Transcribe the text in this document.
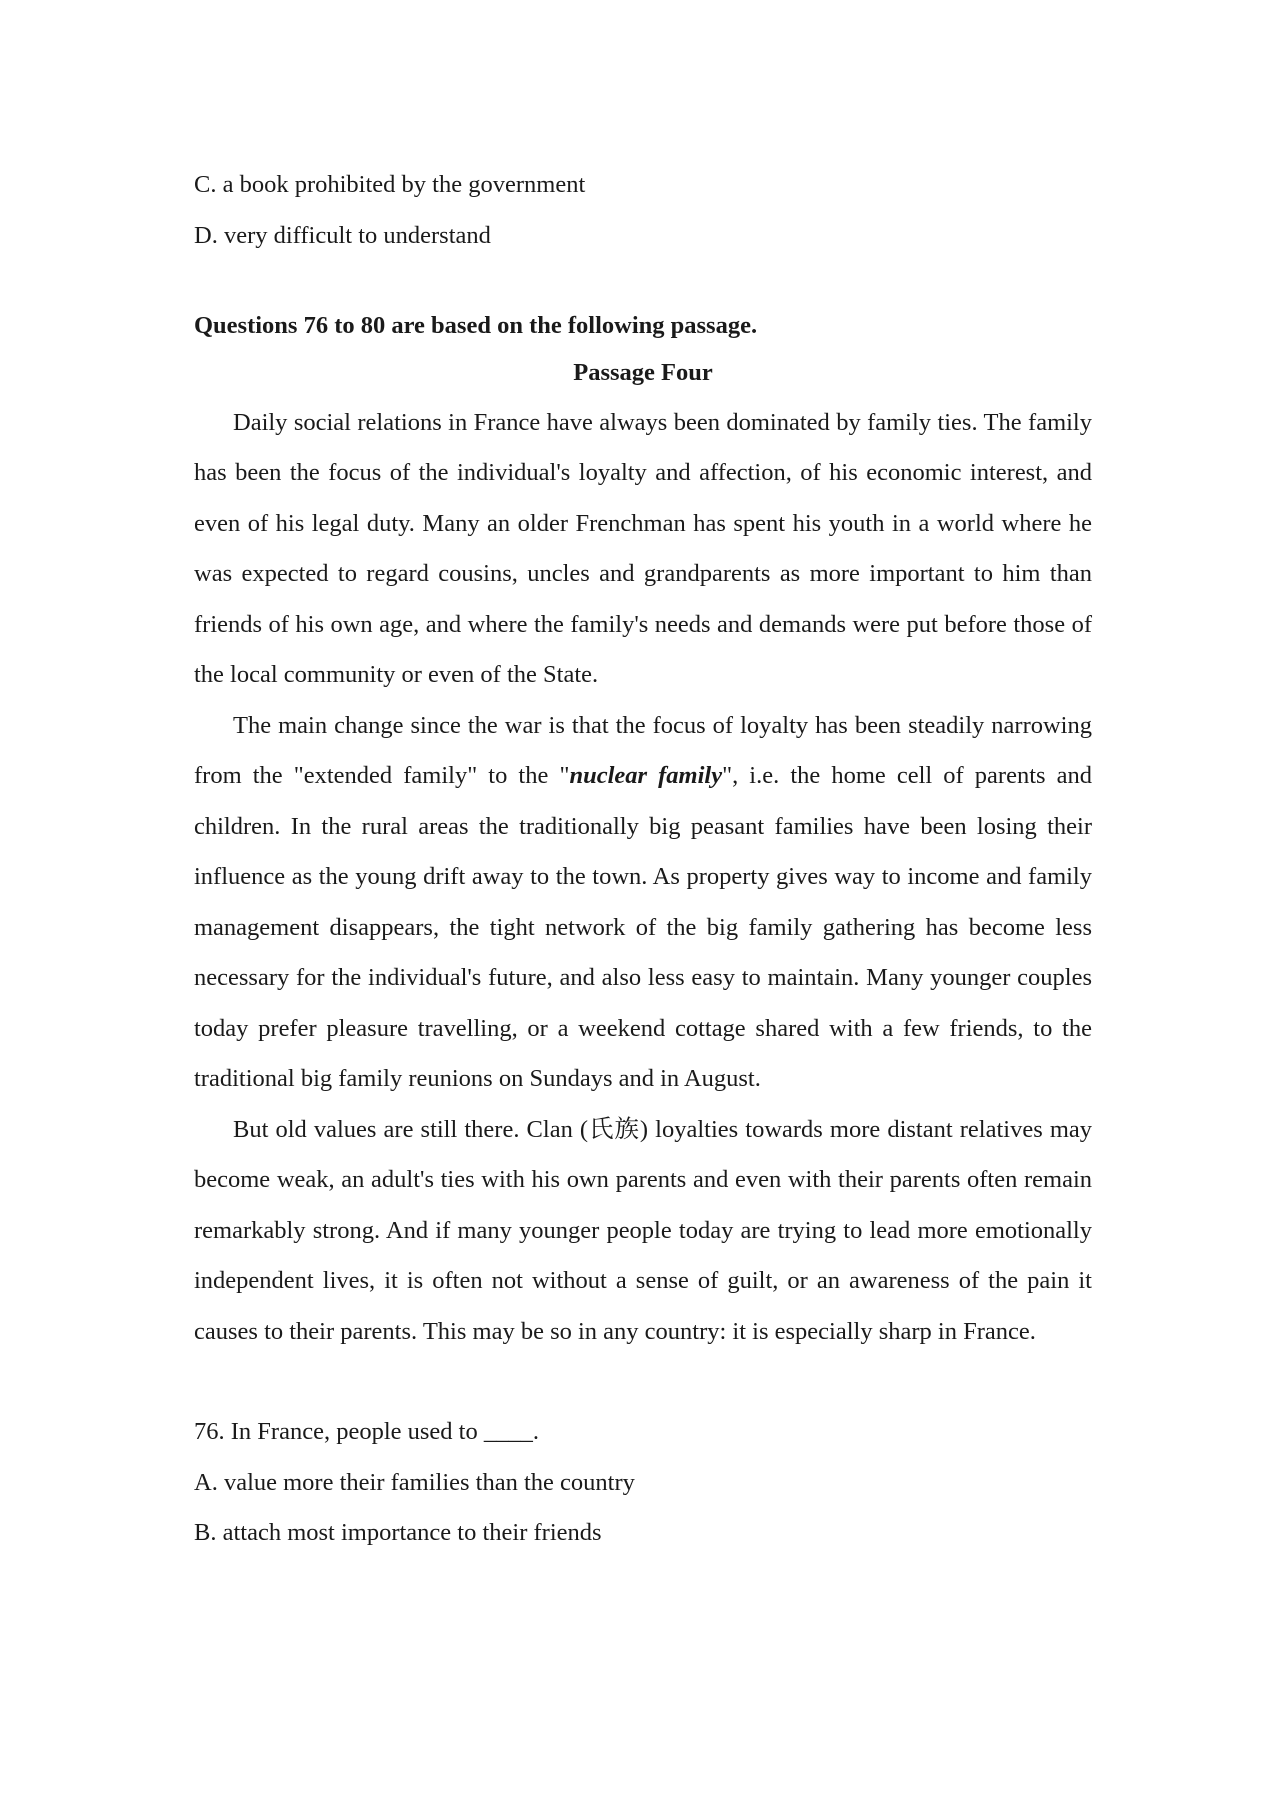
C. a book prohibited by the government

D. very difficult to understand

Questions 76 to 80 are based on the following passage.

Passage Four

Daily social relations in France have always been dominated by family ties. The family has been the focus of the individual's loyalty and affection, of his economic interest, and even of his legal duty. Many an older Frenchman has spent his youth in a world where he was expected to regard cousins, uncles and grandparents as more important to him than friends of his own age, and where the family's needs and demands were put before those of the local community or even of the State.

The main change since the war is that the focus of loyalty has been steadily narrowing from the "extended family" to the "nuclear family", i.e. the home cell of parents and children. In the rural areas the traditionally big peasant families have been losing their influence as the young drift away to the town. As property gives way to income and family management disappears, the tight network of the big family gathering has become less necessary for the individual's future, and also less easy to maintain. Many younger couples today prefer pleasure travelling, or a weekend cottage shared with a few friends, to the traditional big family reunions on Sundays and in August.

But old values are still there. Clan (氏族) loyalties towards more distant relatives may become weak, an adult's ties with his own parents and even with their parents often remain remarkably strong. And if many younger people today are trying to lead more emotionally independent lives, it is often not without a sense of guilt, or an awareness of the pain it causes to their parents. This may be so in any country: it is especially sharp in France.

76. In France, people used to ____.

A. value more their families than the country

B. attach most importance to their friends
